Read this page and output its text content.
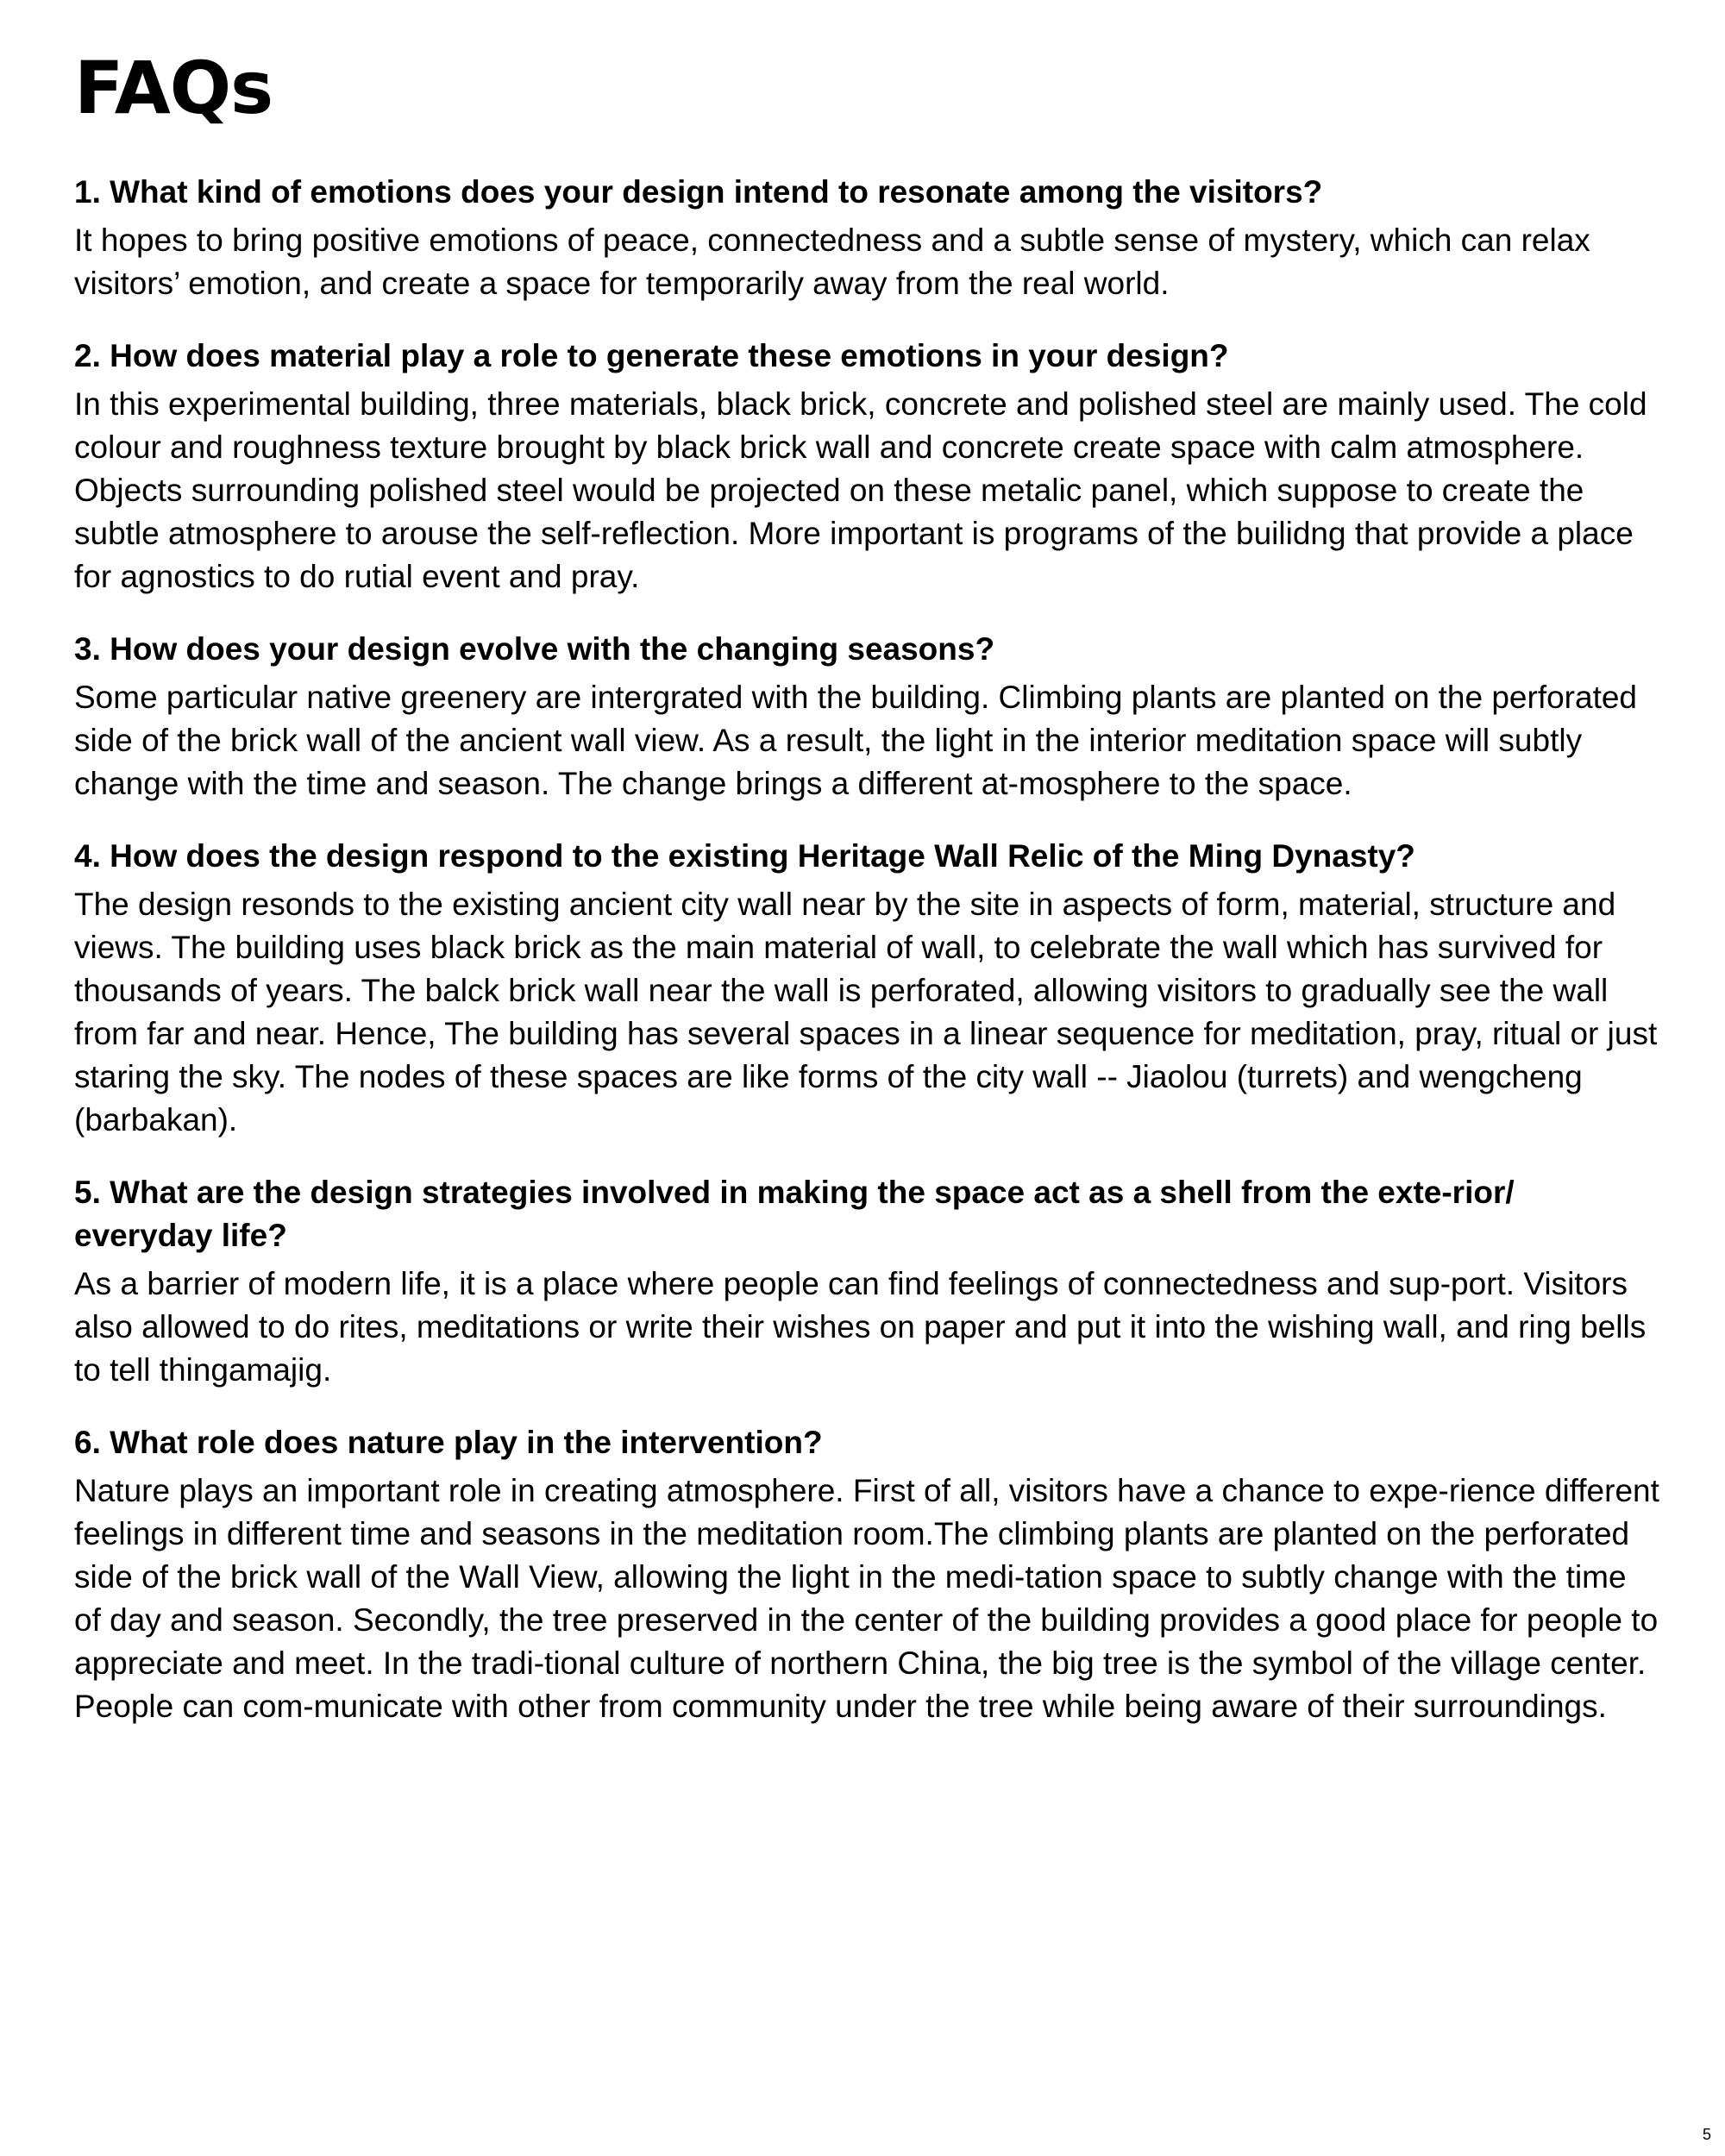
FAQs

1. What kind of emotions does your design intend to resonate among the visitors?

It hopes to bring positive emotions of peace, connectedness and a subtle sense of mystery, which can relax visitors’ emotion, and create a space for temporarily away from the real world.

2. How does material play a role to generate these emotions in your design?

In this experimental building, three materials, black brick, concrete and polished steel are mainly used. The cold colour and roughness texture brought by black brick wall and concrete create space with calm atmosphere. Objects surrounding polished steel would be projected on these metalic panel, which suppose to create the subtle atmosphere to arouse the self-reflection. More important is programs of the builidng that provide a place for agnostics to do rutial event and pray.

3. How does your design evolve with the changing seasons?

Some particular native greenery are intergrated with the building. Climbing plants are planted on the perforated side of the brick wall of the ancient wall view. As a result, the light in the interior meditation space will subtly change with the time and season. The change brings a different at-mosphere to the space.

4. How does the design respond to the existing Heritage Wall Relic of the Ming Dynasty?

The design resonds to the existing ancient city wall near by the site in aspects of form, material, structure and views. The building uses black brick as the main material of wall, to celebrate the wall which has survived for thousands of years. The balck brick wall near the wall is perforated, allowing visitors to gradually see the wall from far and near. Hence, The building has several spaces in a linear sequence for meditation, pray, ritual or just staring the sky. The nodes of these spaces are like forms of the city wall -- Jiaolou (turrets) and wengcheng (barbakan).

5. What are the design strategies involved in making the space act as a shell from the exte-rior/ everyday life?

As a barrier of modern life, it is a place where people can find feelings of connectedness and sup-port. Visitors also allowed to do rites, meditations or write their wishes on paper and put it into the wishing wall, and ring bells to tell thingamajig.

6. What role does nature play in the intervention?

Nature plays an important role in creating atmosphere. First of all, visitors have a chance to expe-rience different feelings in different time and seasons in the meditation room.The climbing plants are planted on the perforated side of the brick wall of the Wall View, allowing the light in the medi-tation space to subtly change with the time of day and season. Secondly, the tree preserved in the center of the building provides a good place for people to appreciate and meet. In the tradi-tional culture of northern China, the big tree is the symbol of the village center. People can com-municate with other from community under the tree while being aware of their surroundings.

5
